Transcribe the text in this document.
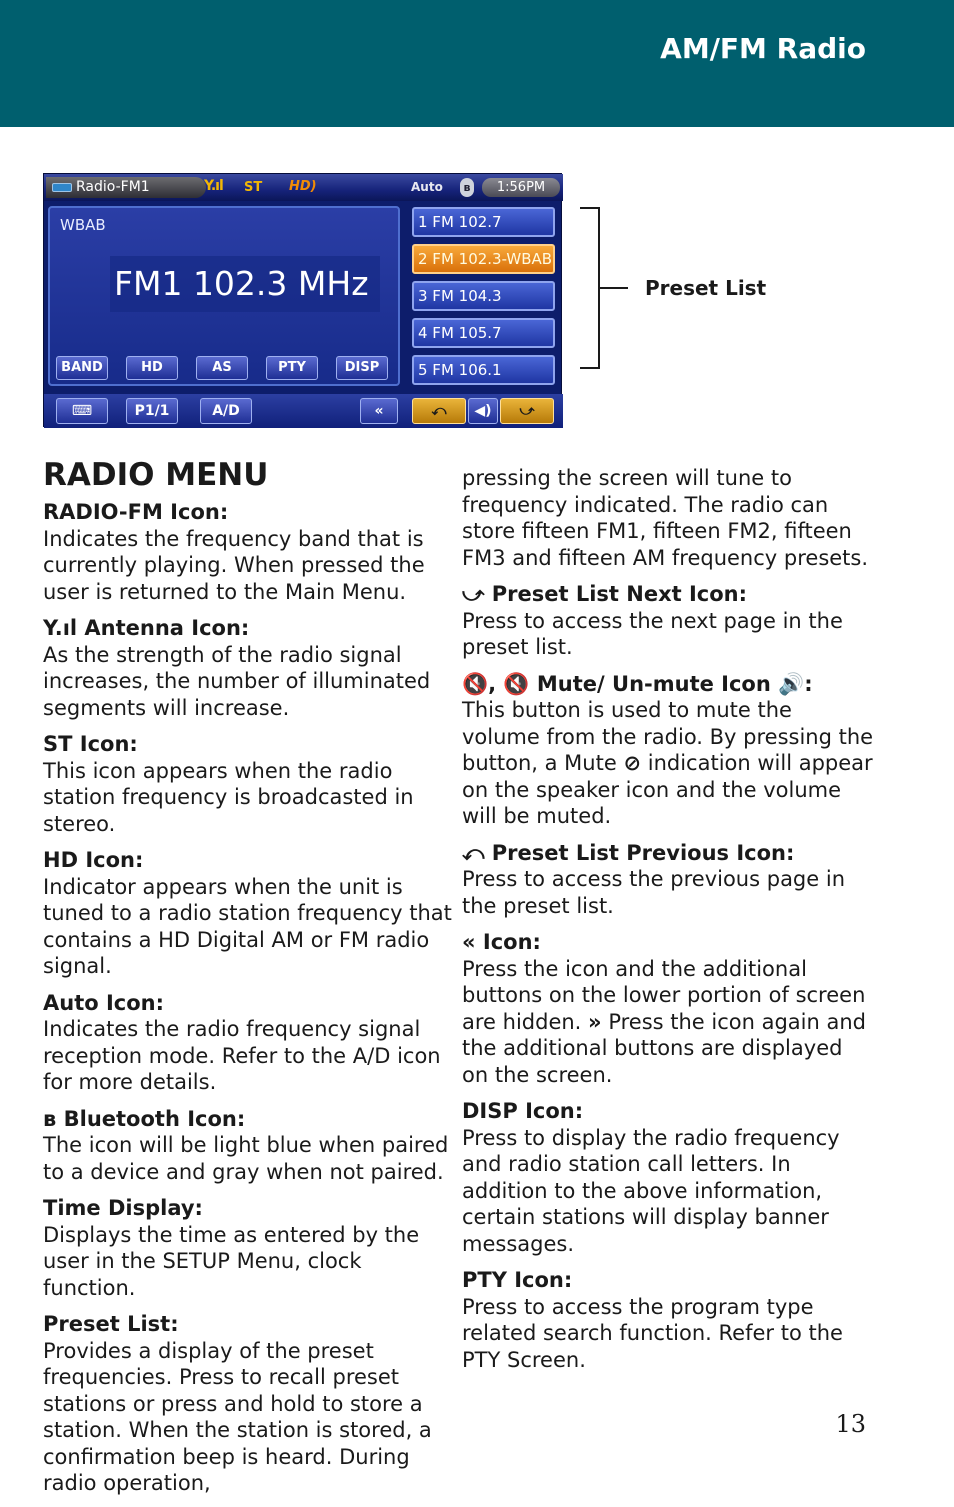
AM/FM Radio
Radio-FM1	Y.ıl ST HD)	Auto	ʙ	1:56PM
WBAB
FM1 102.3 MHz
BAND	HD	AS	PTY	DISP
1 FM 102.7
2 FM 102.3-WBAB
3 FM 104.3
4 FM 105.7
5 FM 106.1
⌨	P1/1	A/D	«	⤺	◀)	⤻
Preset List
RADIO MENU
RADIO-FM Icon:
Indicates the frequency band that is currently playing. When pressed the user is returned to the Main Menu.
Y.ıl Antenna Icon:
As the strength of the radio signal increases, the number of illuminated segments will increase.
ST Icon:
This icon appears when the radio station frequency is broadcasted in stereo.
HD Icon:
Indicator appears when the unit is tuned to a radio station frequency that contains a HD Digital AM or FM radio signal.
Auto Icon:
Indicates the radio frequency signal reception mode. Refer to the A/D icon for more details.
ʙ Bluetooth Icon:
The icon will be light blue when paired to a device and gray when not paired.
Time Display:
Displays the time as entered by the user in the SETUP Menu, clock function.
Preset List:
Provides a display of the preset frequencies. Press to recall preset stations or press and hold to store a station. When the station is stored, a confirmation beep is heard. During radio operation,
pressing the screen will tune to frequency indicated. The radio can store fifteen FM1, fifteen FM2, fifteen FM3 and fifteen AM frequency presets.
⤻ Preset List Next Icon:
Press to access the next page in the preset list.
🔇, 🔇 Mute/ Un-mute Icon 🔊:
This button is used to mute the volume from the radio. By pressing the button, a Mute ⊘ indication will appear on the speaker icon and the volume will be muted.
⤺ Preset List Previous Icon:
Press to access the previous page in the preset list.
« Icon:
Press the icon and the additional buttons on the lower portion of screen are hidden. » Press the icon again and the additional buttons are displayed on the screen.
DISP Icon:
Press to display the radio frequency and radio station call letters. In addition to the above information, certain stations will display banner messages.
PTY Icon:
Press to access the program type related search function. Refer to the PTY Screen.
13
